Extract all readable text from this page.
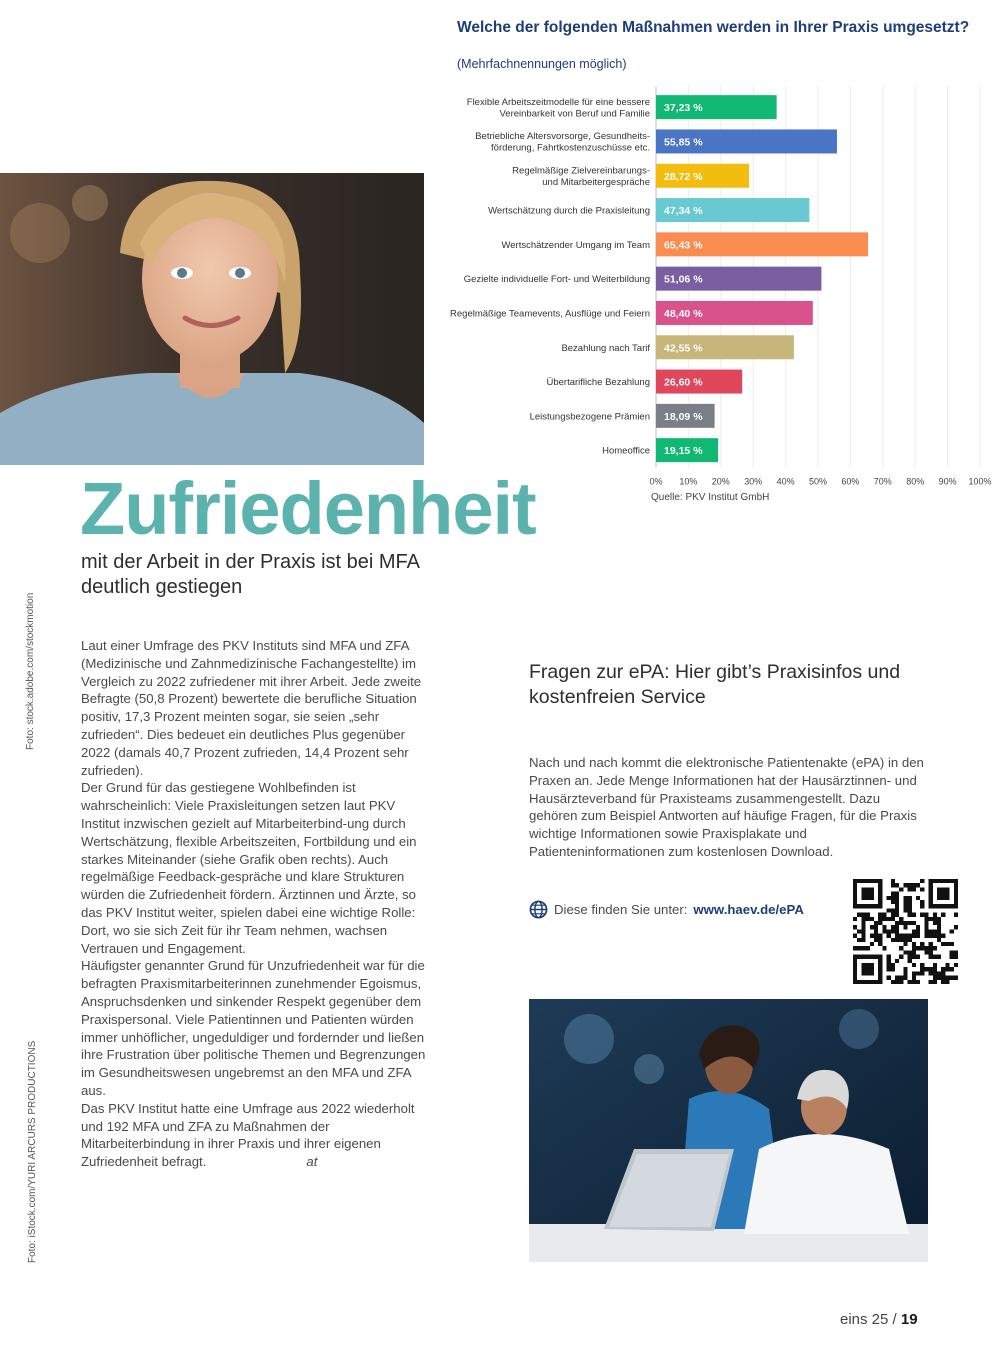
Welche der folgenden Maßnahmen werden in Ihrer Praxis umgesetzt?
(Mehrfachnennungen möglich)
0% 10% 20% 30% 40% 50% 60% 70% 80% 90% 100%
37,23 %
Flexible Arbeitszeitmodelle für eine bessere Vereinbarkeit von Beruf und Familie
55,85 %
Betriebliche Altersvorsorge, Gesundheits-förderung, Fahrtkostenzuschüsse etc.
28,72 %
Regelmäßige Zielvereinbarungs-und Mitarbeitergespräche
47,34 %
Wertschätzung durch die Praxisleitung
65,43 %
Wertschätzender Umgang im Team
51,06 %
Gezielte individuelle Fort- und Weiterbildung
48,40 %
Regelmäßige Teamevents, Ausflüge und Feiern
42,55 %
Bezahlung nach Tarif
26,60 %
Übertarifliche Bezahlung
18,09 %
Leistungsbezogene Prämien
19,15 %
Homeoffice
Quelle: PKV Institut GmbH
Zufriedenheit
mit der Arbeit in der Praxis ist bei MFA deutlich gestiegen
Foto: stock.adobe.com/stockmotion
Foto: iStock.com/YURI ARCURS PRODUCTIONS

Laut einer Umfrage des PKV Instituts sind MFA und ZFA (Medizinische und Zahnmedizinische Fachangestellte) im Vergleich zu 2022 zufriedener mit ihrer Arbeit. Jede zweite Befragte (50,8 Prozent) bewertete die berufliche Situation positiv, 17,3 Prozent meinten sogar, sie seien „sehr zufrieden“. Dies bedeuet ein deutliches Plus gegenüber 2022 (damals 40,7 Prozent zufrieden, 14,4 Prozent sehr zufrieden).

Der Grund für das gestiegene Wohlbefinden ist wahrscheinlich: Viele Praxisleitungen setzen laut PKV Institut inzwischen gezielt auf Mitarbeiterbind-ung durch Wertschätzung, flexible Arbeitszeiten, Fortbildung und ein starkes Miteinander (siehe Grafik oben rechts). Auch regelmäßige Feedback-gespräche und klare Strukturen würden die Zufriedenheit fördern. Ärztinnen und Ärzte, so das PKV Institut weiter, spielen dabei eine wichtige Rolle: Dort, wo sie sich Zeit für ihr Team nehmen, wachsen Vertrauen und Engagement.

Häufigster genannter Grund für Unzufriedenheit war für die befragten Praxismitarbeiterinnen zunehmender Egoismus, Anspruchsdenken und sinkender Respekt gegenüber dem Praxispersonal. Viele Patientinnen und Patienten würden immer unhöflicher, ungeduldiger und fordernder und ließen ihre Frustration über politische Themen und Begrenzungen im Gesundheitswesen ungebremst an den MFA und ZFA aus.

Das PKV Institut hatte eine Umfrage aus 2022 wiederholt und 192 MFA und ZFA zu Maßnahmen der Mitarbeiterbindung in ihrer Praxis und ihrer eigenen Zufriedenheit befragt.	at

Fragen zur ePA: Hier gibt’s Praxisinfos und kostenfreien Service
Nach und nach kommt die elektronische Patientenakte (ePA) in den Praxen an. Jede Menge Informationen hat der Hausärztinnen- und Hausärzteverband für Praxisteams zusammengestellt. Dazu gehören zum Beispiel Antworten auf häufige Fragen, für die Praxis wichtige Informationen sowie Praxisplakate und Patienteninformationen zum kostenlosen Download.
Diese finden Sie unter: www.haev.de/ePA
eins 25 / 19
